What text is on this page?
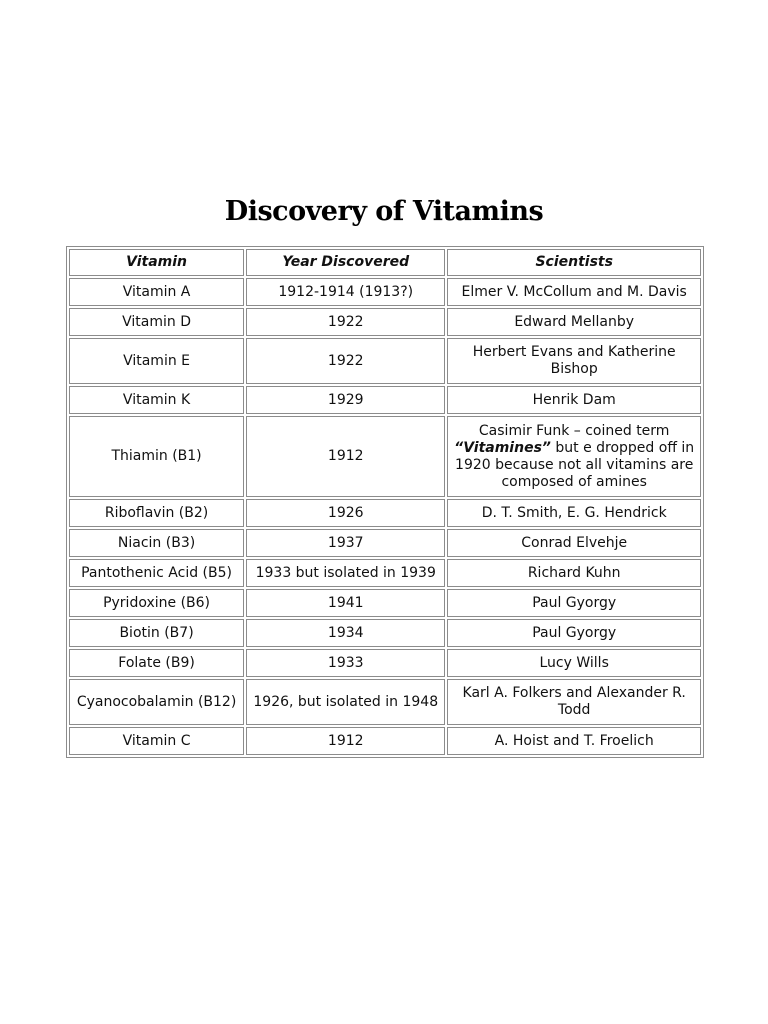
Discovery of Vitamins
Vitamin	Year Discovered	Scientists
Vitamin A	1912-1914 (1913?)	Elmer V. McCollum and M. Davis
Vitamin D	1922	Edward Mellanby
Vitamin E	1922	Herbert Evans and Katherine Bishop
Vitamin K	1929	Henrik Dam
Thiamin (B1)	1912	Casimir Funk – coined term “Vitamines” but e dropped off in 1920 because not all vitamins are composed of amines
Riboflavin (B2)	1926	D. T. Smith, E. G. Hendrick
Niacin (B3)	1937	Conrad Elvehje
Pantothenic Acid (B5)	1933 but isolated in 1939	Richard Kuhn
Pyridoxine (B6)	1941	Paul Gyorgy
Biotin (B7)	1934	Paul Gyorgy
Folate (B9)	1933	Lucy Wills
Cyanocobalamin (B12)	1926, but isolated in 1948	Karl A. Folkers and Alexander R. Todd
Vitamin C	1912	A. Hoist and T. Froelich
